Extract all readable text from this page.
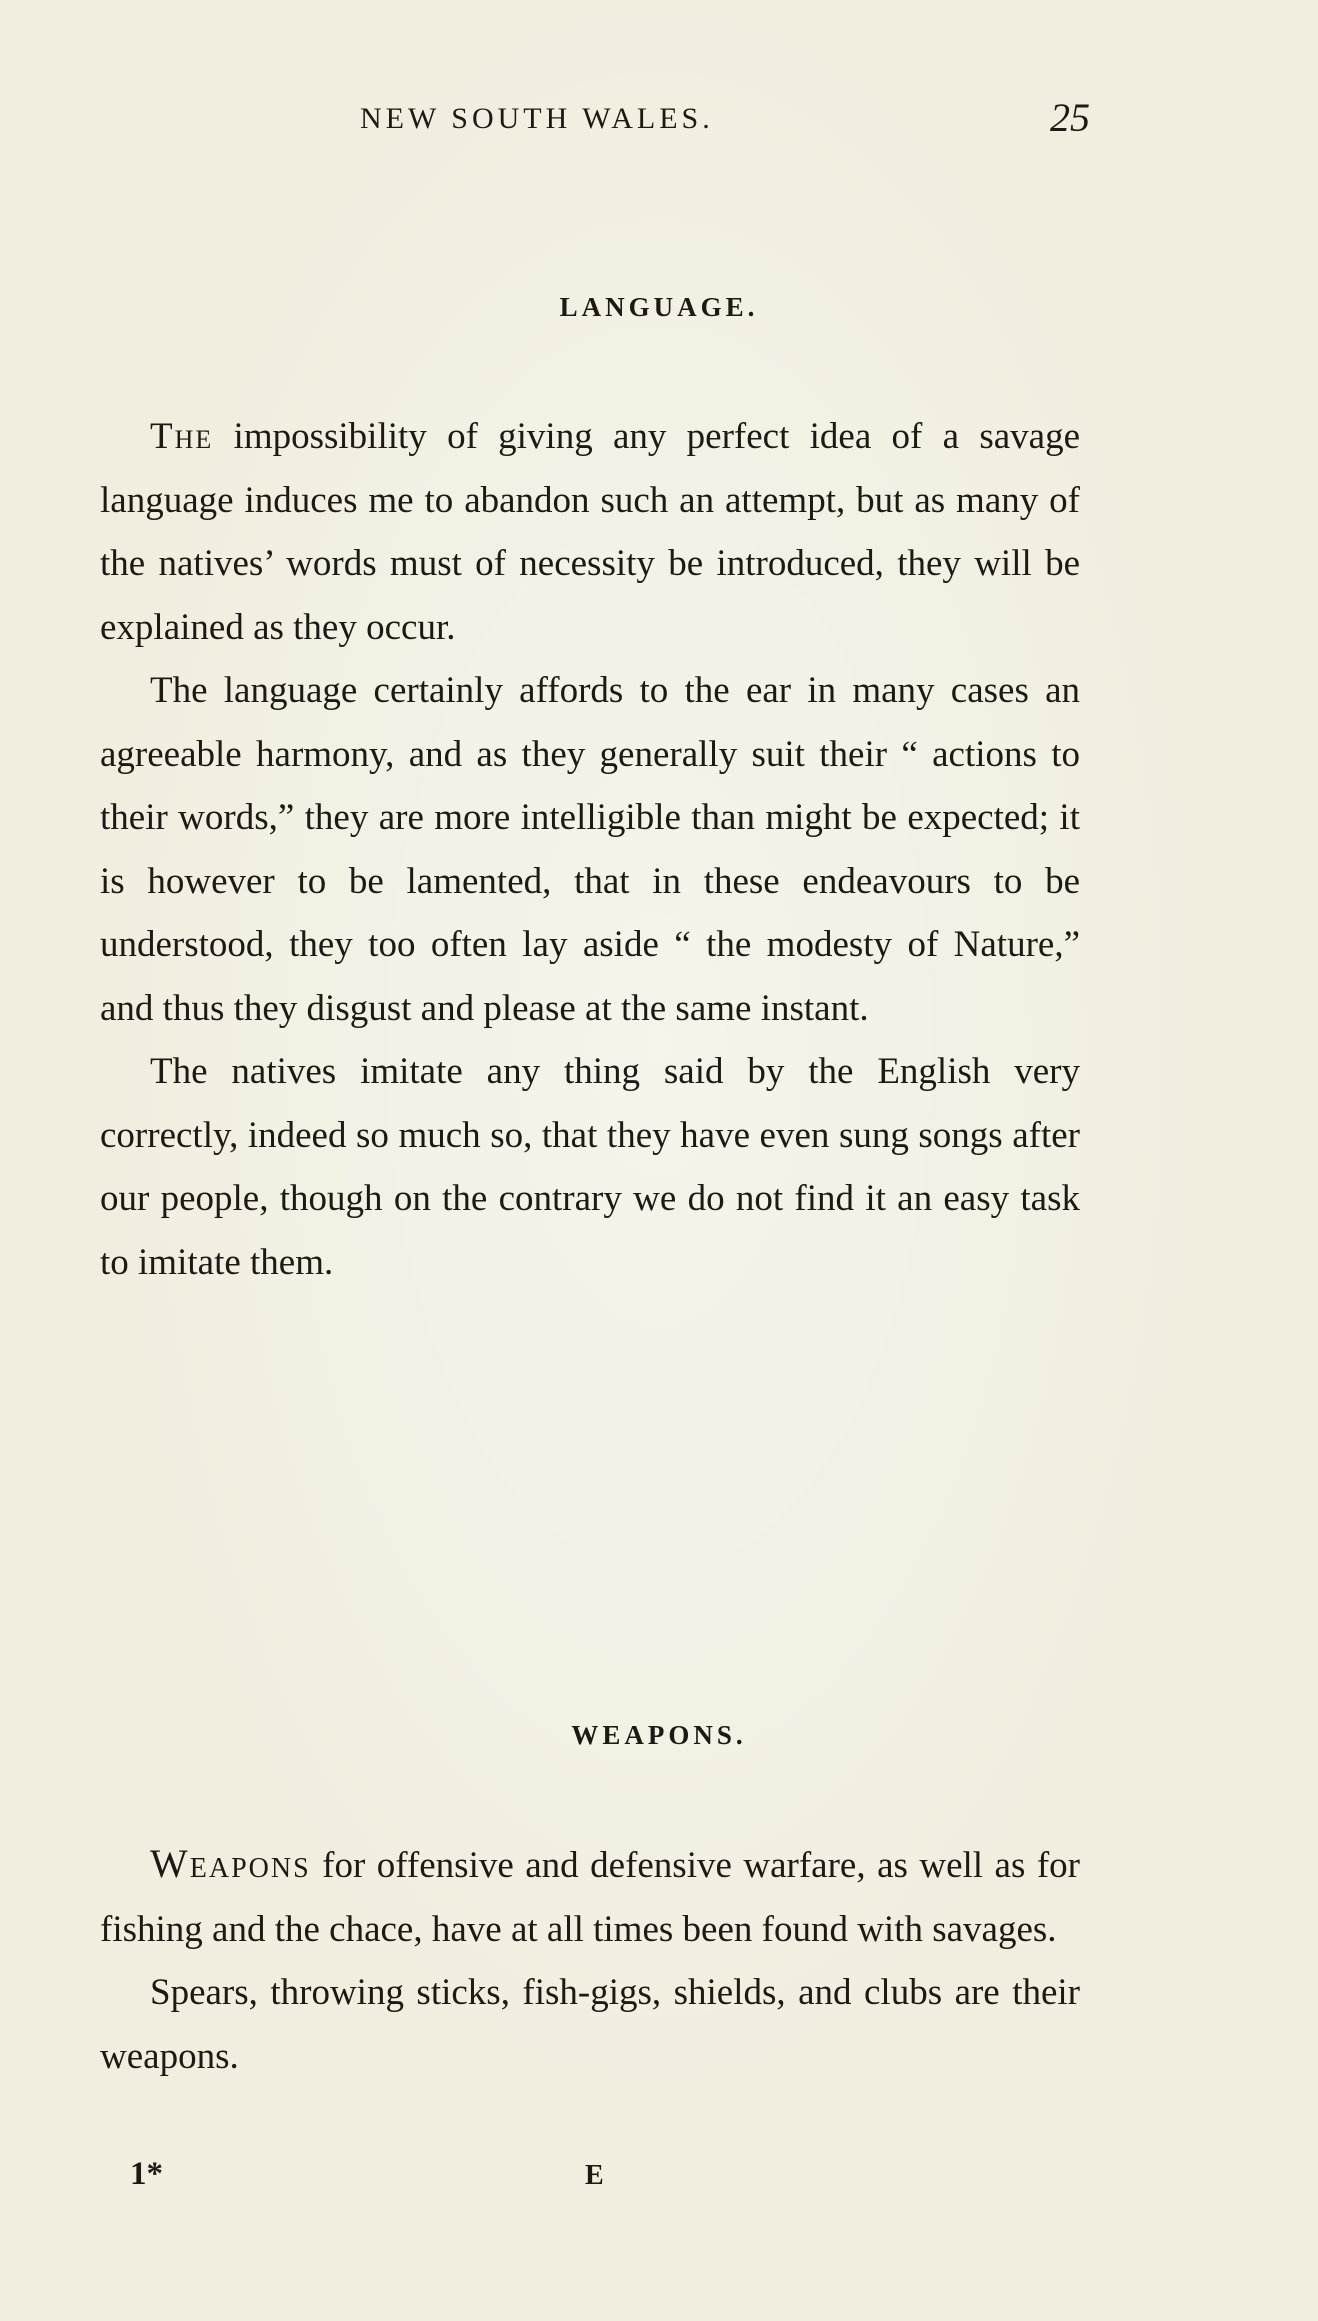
NEW SOUTH WALES.	25
LANGUAGE.
The impossibility of giving any perfect idea of a savage language induces me to abandon such an attempt, but as many of the natives’ words must of necessity be introduced, they will be explained as they occur.
The language certainly affords to the ear in many cases an agreeable harmony, and as they generally suit their “ actions to their words,” they are more intelligible than might be expected; it is however to be lamented, that in these endeavours to be understood, they too often lay aside “ the modesty of Nature,” and thus they disgust and please at the same instant.
The natives imitate any thing said by the English very correctly, indeed so much so, that they have even sung songs after our people, though on the contrary we do not find it an easy task to imitate them.
WEAPONS.
Weapons for offensive and defensive warfare, as well as for fishing and the chace, have at all times been found with savages.
Spears, throwing sticks, fish-gigs, shields, and clubs are their weapons.
1*	E
